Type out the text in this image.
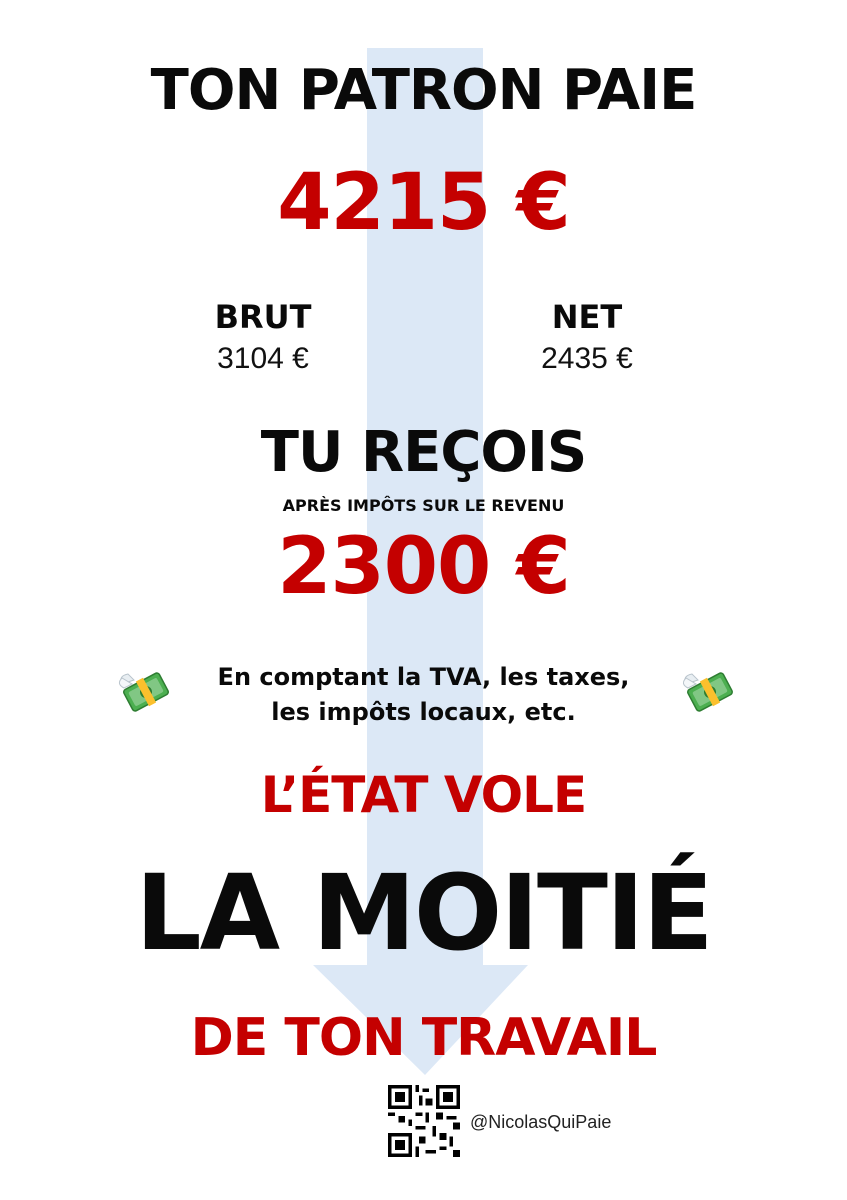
TON PATRON PAIE
4215 €
BRUT
3104 €
NET
2435 €
TU REÇOIS
APRÈS IMPÔTS SUR LE REVENU
2300 €
En comptant la TVA, les taxes,
les impôts locaux, etc.
L’ÉTAT VOLE
LA MOITIÉ
DE TON TRAVAIL
@NicolasQuiPaie
